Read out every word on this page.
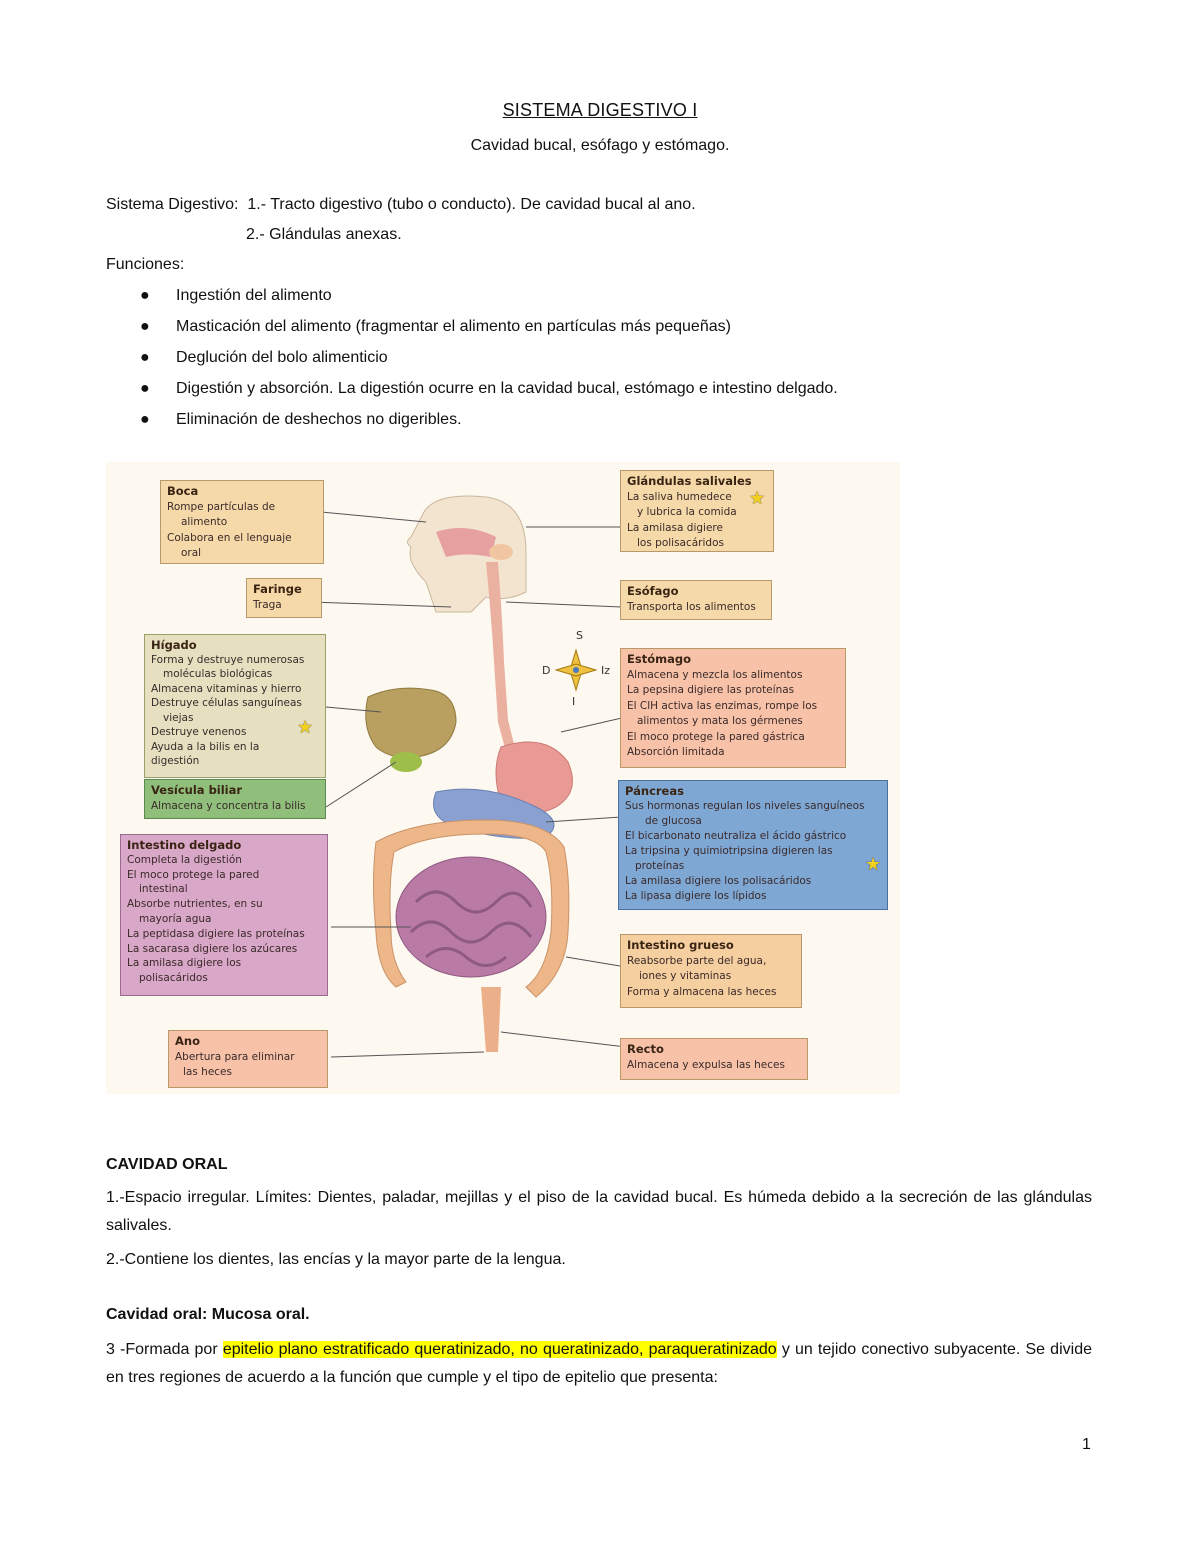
SISTEMA DIGESTIVO I
Cavidad bucal, esófago y estómago.
Sistema Digestivo: 1.- Tracto digestivo (tubo o conducto). De cavidad bucal al ano.
2.- Glándulas anexas.
Funciones:
● Ingestión del alimento
● Masticación del alimento (fragmentar el alimento en partículas más pequeñas)
● Deglución del bolo alimenticio
● Digestión y absorción. La digestión ocurre en la cavidad bucal, estómago e intestino delgado.
● Eliminación de deshechos no digeribles.
S
I
D	Iz
Boca
Rompe partículas de
alimento
Colabora en el lenguaje
oral
Faringe
Traga
Hígado
Forma y destruye numerosas
moléculas biológicas
Almacena vitaminas y hierro
Destruye células sanguíneas
viejas
Destruye venenos
Ayuda a la bilis en la
digestión
★
Vesícula biliar
Almacena y concentra la bilis
Intestino delgado
Completa la digestión
El moco protege la pared
intestinal
Absorbe nutrientes, en su
mayoría agua
La peptidasa digiere las proteínas
La sacarasa digiere los azúcares
La amilasa digiere los
polisacáridos
Ano
Abertura para eliminar
las heces
Glándulas salivales
La saliva humedece
y lubrica la comida
La amilasa digiere
los polisacáridos
★
Esófago
Transporta los alimentos
Estómago
Almacena y mezcla los alimentos
La pepsina digiere las proteínas
El ClH activa las enzimas, rompe los
alimentos y mata los gérmenes
El moco protege la pared gástrica
Absorción limitada
Páncreas
Sus hormonas regulan los niveles sanguíneos
de glucosa
El bicarbonato neutraliza el ácido gástrico
La tripsina y quimiotripsina digieren las
proteínas
La amilasa digiere los polisacáridos
La lipasa digiere los lípidos
★
Intestino grueso
Reabsorbe parte del agua,
iones y vitaminas
Forma y almacena las heces
Recto
Almacena y expulsa las heces
CAVIDAD ORAL
1.-Espacio irregular. Límites: Dientes, paladar, mejillas y el piso de la cavidad bucal. Es húmeda debido a la secreción de las glándulas salivales.
2.-Contiene los dientes, las encías y la mayor parte de la lengua.
Cavidad oral: Mucosa oral.
3 -Formada por epitelio plano estratificado queratinizado, no queratinizado, paraqueratinizado y un tejido conectivo subyacente. Se divide en tres regiones de acuerdo a la función que cumple y el tipo de epitelio que presenta:
1
